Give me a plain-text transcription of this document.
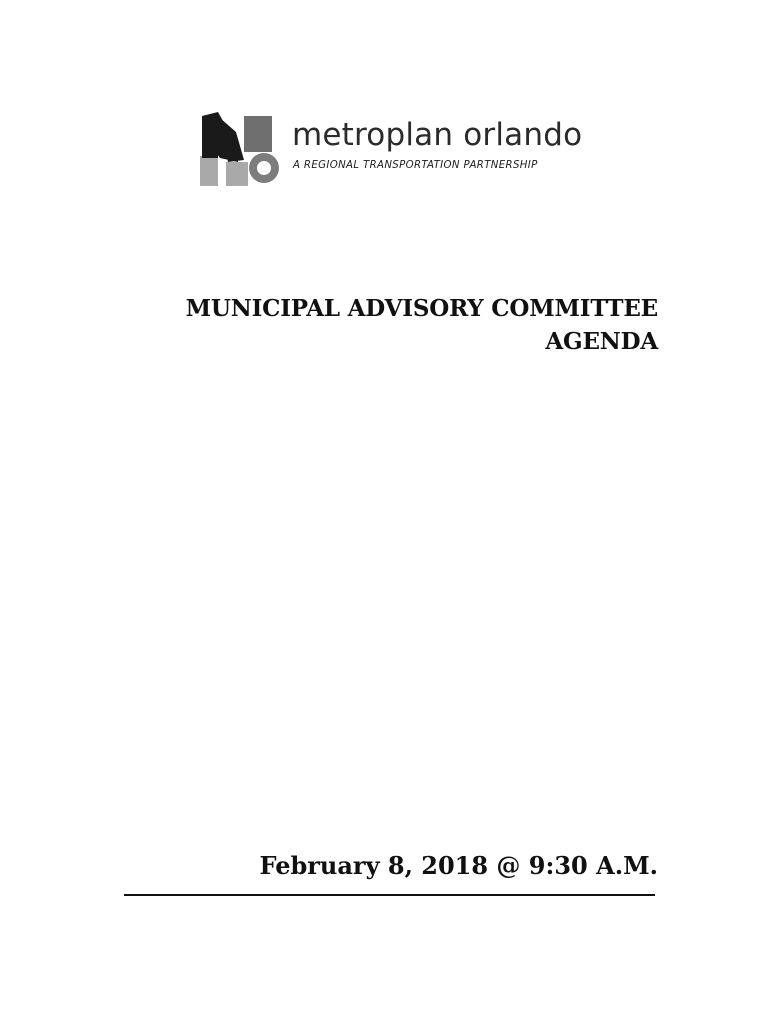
metroplan orlando
A REGIONAL TRANSPORTATION PARTNERSHIP
MUNICIPAL ADVISORY COMMITTEE
AGENDA
February 8, 2018 @ 9:30 A.M.
